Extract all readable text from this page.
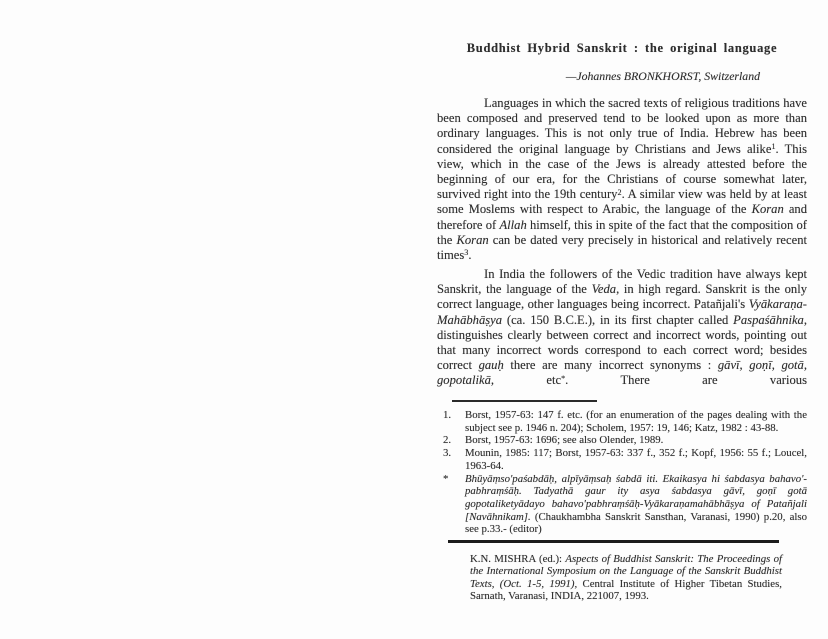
Buddhist Hybrid Sanskrit : the original language
—Johannes BRONKHORST, Switzerland

Languages in which the sacred texts of religious traditions have been composed and preserved tend to be looked upon as more than ordinary languages. This is not only true of India. Hebrew has been considered the original language by Christians and Jews alike$^1$. This view, which in the case of the Jews is already attested before the beginning of our era, for the Christians of course somewhat later, survived right into the 19th century$^2$. A similar view was held by at least some Moslems with respect to Arabic, the language of the Koran and therefore of Allah himself, this in spite of the fact that the composition of the Koran can be dated very precisely in historical and relatively recent times$^3$.

In India the followers of the Vedic tradition have always kept Sanskrit, the language of the Veda, in high regard. Sanskrit is the only correct language, other languages being incorrect. Patañjali's Vyākaraṇa-Mahābhāṣya (ca. 150 B.C.E.), in its first chapter called Paspaśāhnika, distinguishes clearly between correct and incorrect words, pointing out that many incorrect words correspond to each correct word; besides correct gauḥ there are many incorrect synonyms : gāvī, goṇī, gotā, gopotalikā, etc*. There are various

1.	Borst, 1957-63: 147 f. etc. (for an enumeration of the pages dealing with the subject see p. 1946 n. 204); Scholem, 1957: 19, 146; Katz, 1982 : 43-88.
2.	Borst, 1957-63: 1696; see also Olender, 1989.
3.	Mounin, 1985: 117; Borst, 1957-63: 337 f., 352 f.; Kopf, 1956: 55 f.; Loucel, 1963-64.
*	Bhūyāṃso'paśabdāḥ, alpīyāṃsaḥ śabdā iti. Ekaikasya hi śabdasya bahavo'-pabhraṃśāḥ. Tadyathā gaur ity asya śabdasya gāvī, goṇī gotā gopotaliketyādayo bahavo'pabhraṃśāḥ-Vyākaraṇamahābhāṣya of Patañjali [Navāhnikam]. (Chaukhambha Sanskrit Sansthan, Varanasi, 1990) p.20, also see p.33.- (editor)
K.N. MISHRA (ed.): Aspects of Buddhist Sanskrit: The Proceedings of the International Symposium on the Language of the Sanskrit Buddhist Texts, (Oct. 1-5, 1991), Central Institute of Higher Tibetan Studies, Sarnath, Varanasi, INDIA, 221007, 1993.
